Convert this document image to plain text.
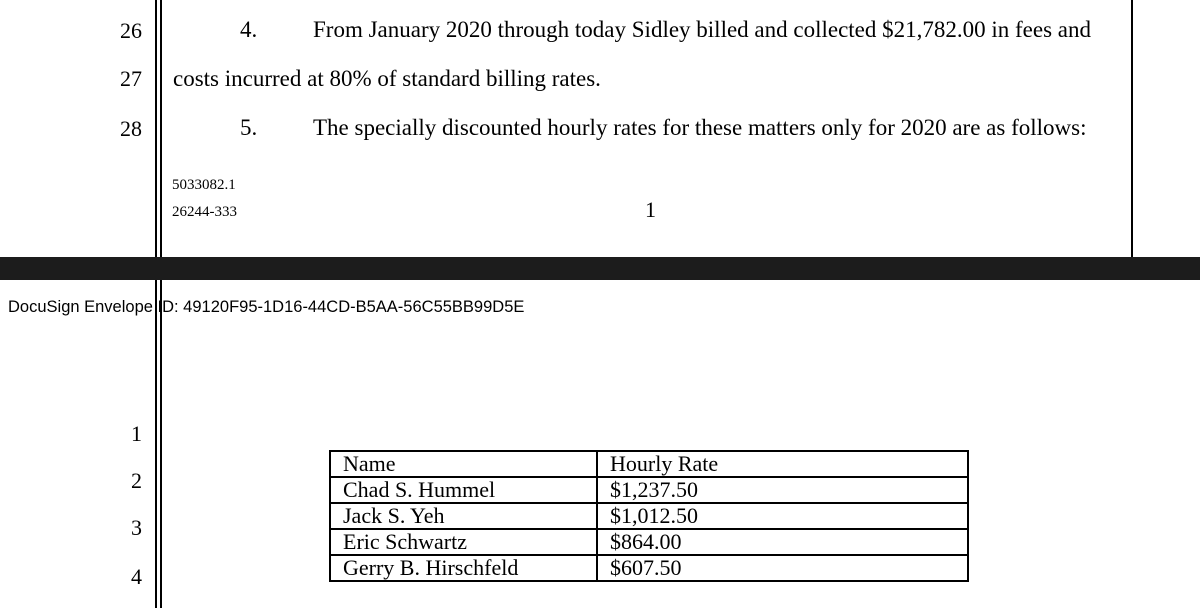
26
27
28
4. From January 2020 through today Sidley billed and collected $21,782.00 in fees and
costs incurred at 80% of standard billing rates.
5. The specially discounted hourly rates for these matters only for 2020 are as follows:
5033082.1
26244-333	1
DocuSign Envelope ID: 49120F95-1D16-44CD-B5AA-56C55BB99D5E
1
2
3
4
Name	Hourly Rate
Chad S. Hummel	$1,237.50
Jack S. Yeh	$1,012.50
Eric Schwartz	$864.00
Gerry B. Hirschfeld	$607.50
